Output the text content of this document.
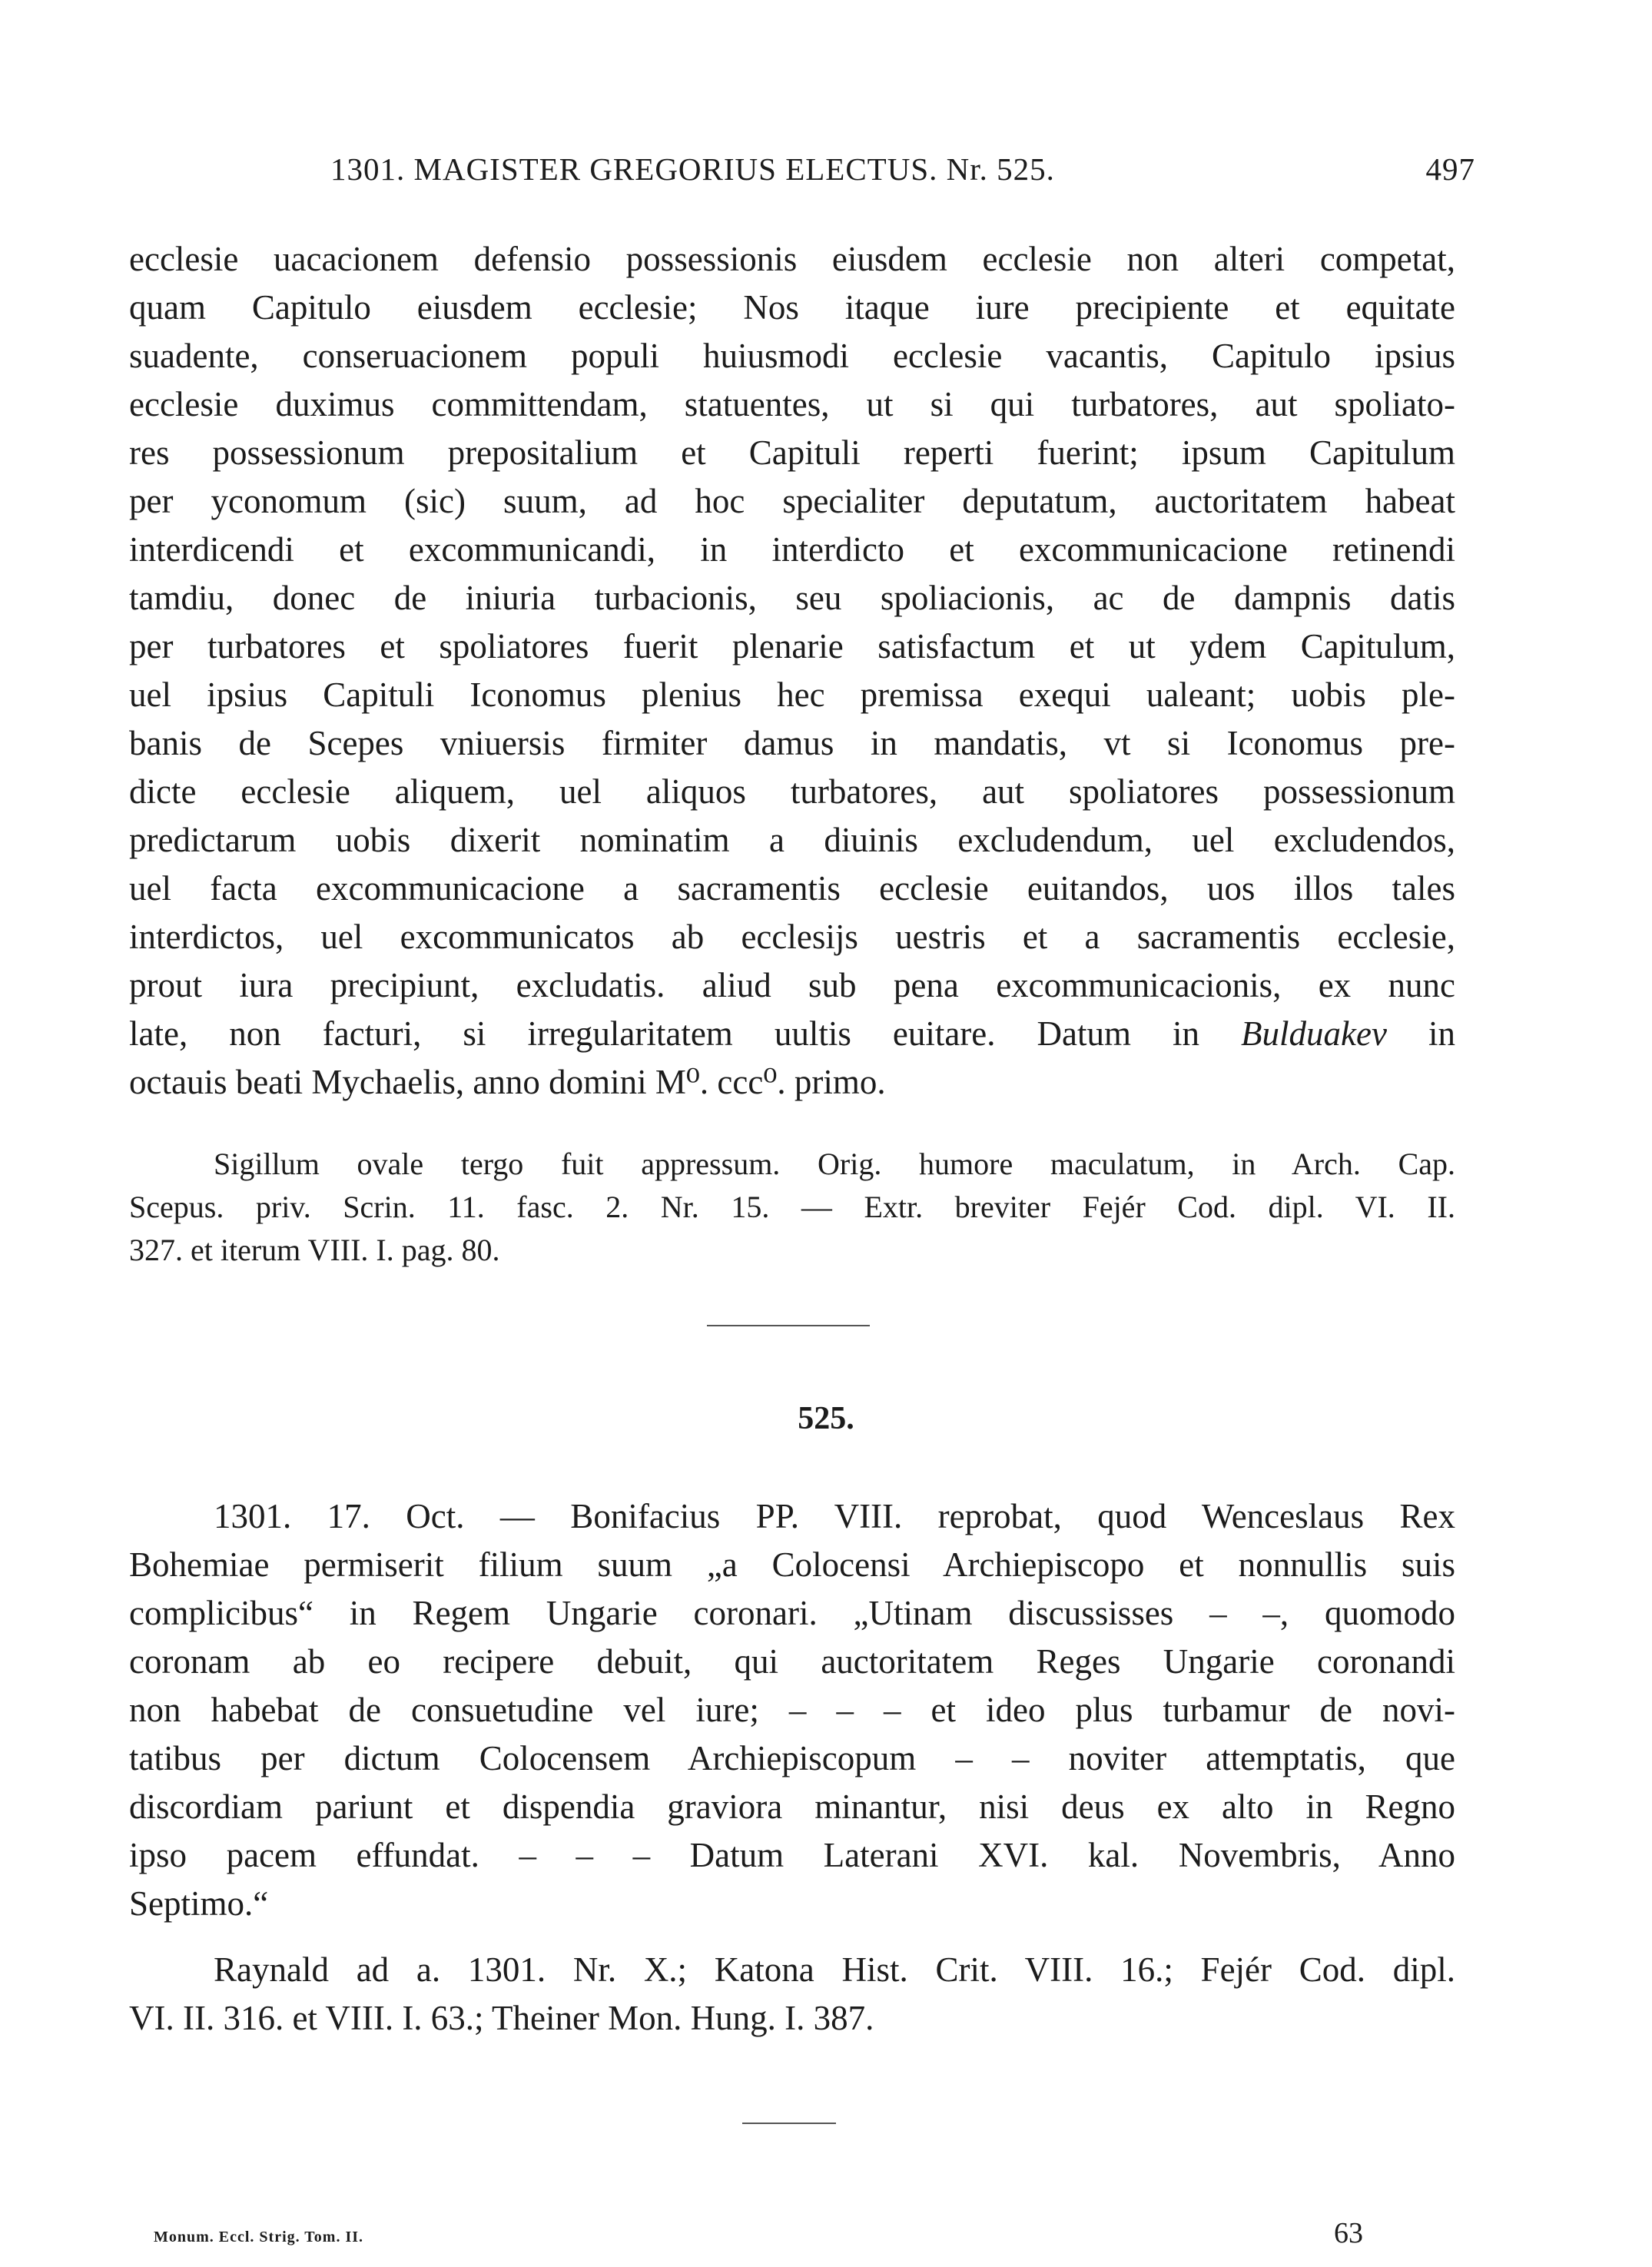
1301. MAGISTER GREGORIUS ELECTUS. Nr. 525.	497
ecclesie uacacionem defensio possessionis eiusdem ecclesie non alteri competat,
quam Capitulo eiusdem ecclesie; Nos itaque iure precipiente et equitate
suadente, conseruacionem populi huiusmodi ecclesie vacantis, Capitulo ipsius
ecclesie duximus committendam, statuentes, ut si qui turbatores, aut spoliato-
res possessionum prepositalium et Capituli reperti fuerint; ipsum Capitulum
per yconomum (sic) suum, ad hoc specialiter deputatum, auctoritatem habeat
interdicendi et excommunicandi, in interdicto et excommunicacione retinendi
tamdiu, donec de iniuria turbacionis, seu spoliacionis, ac de dampnis datis
per turbatores et spoliatores fuerit plenarie satisfactum et ut ydem Capitulum,
uel ipsius Capituli Iconomus plenius hec premissa exequi ualeant; uobis ple-
banis de Scepes vniuersis firmiter damus in mandatis, vt si Iconomus pre-
dicte ecclesie aliquem, uel aliquos turbatores, aut spoliatores possessionum
predictarum uobis dixerit nominatim a diuinis excludendum, uel excludendos,
uel facta excommunicacione a sacramentis ecclesie euitandos, uos illos tales
interdictos, uel excommunicatos ab ecclesijs uestris et a sacramentis ecclesie,
prout iura precipiunt, excludatis. aliud sub pena excommunicacionis, ex nunc
late, non facturi, si irregularitatem uultis euitare. Datum in Bulduakev in
octauis beati Mychaelis, anno domini M⁰. ccc⁰. primo.
Sigillum ovale tergo fuit appressum. Orig. humore maculatum, in Arch. Cap.
Scepus. priv. Scrin. 11. fasc. 2. Nr. 15. — Extr. breviter Fejér Cod. dipl. VI. II.
327. et iterum VIII. I. pag. 80.
525.
1301. 17. Oct. — Bonifacius PP. VIII. reprobat, quod Wenceslaus Rex
Bohemiae permiserit filium suum „a Colocensi Archiepiscopo et nonnullis suis
complicibus“ in Regem Ungarie coronari. „Utinam discussisses – –, quomodo
coronam ab eo recipere debuit, qui auctoritatem Reges Ungarie coronandi
non habebat de consuetudine vel iure; – – – et ideo plus turbamur de novi-
tatibus per dictum Colocensem Archiepiscopum – – noviter attemptatis, que
discordiam pariunt et dispendia graviora minantur, nisi deus ex alto in Regno
ipso pacem effundat. – – – Datum Laterani XVI. kal. Novembris, Anno
Septimo.“
Raynald ad a. 1301. Nr. X.; Katona Hist. Crit. VIII. 16.; Fejér Cod. dipl.
VI. II. 316. et VIII. I. 63.; Theiner Mon. Hung. I. 387.
Monum. Eccl. Strig. Tom. II.	63
